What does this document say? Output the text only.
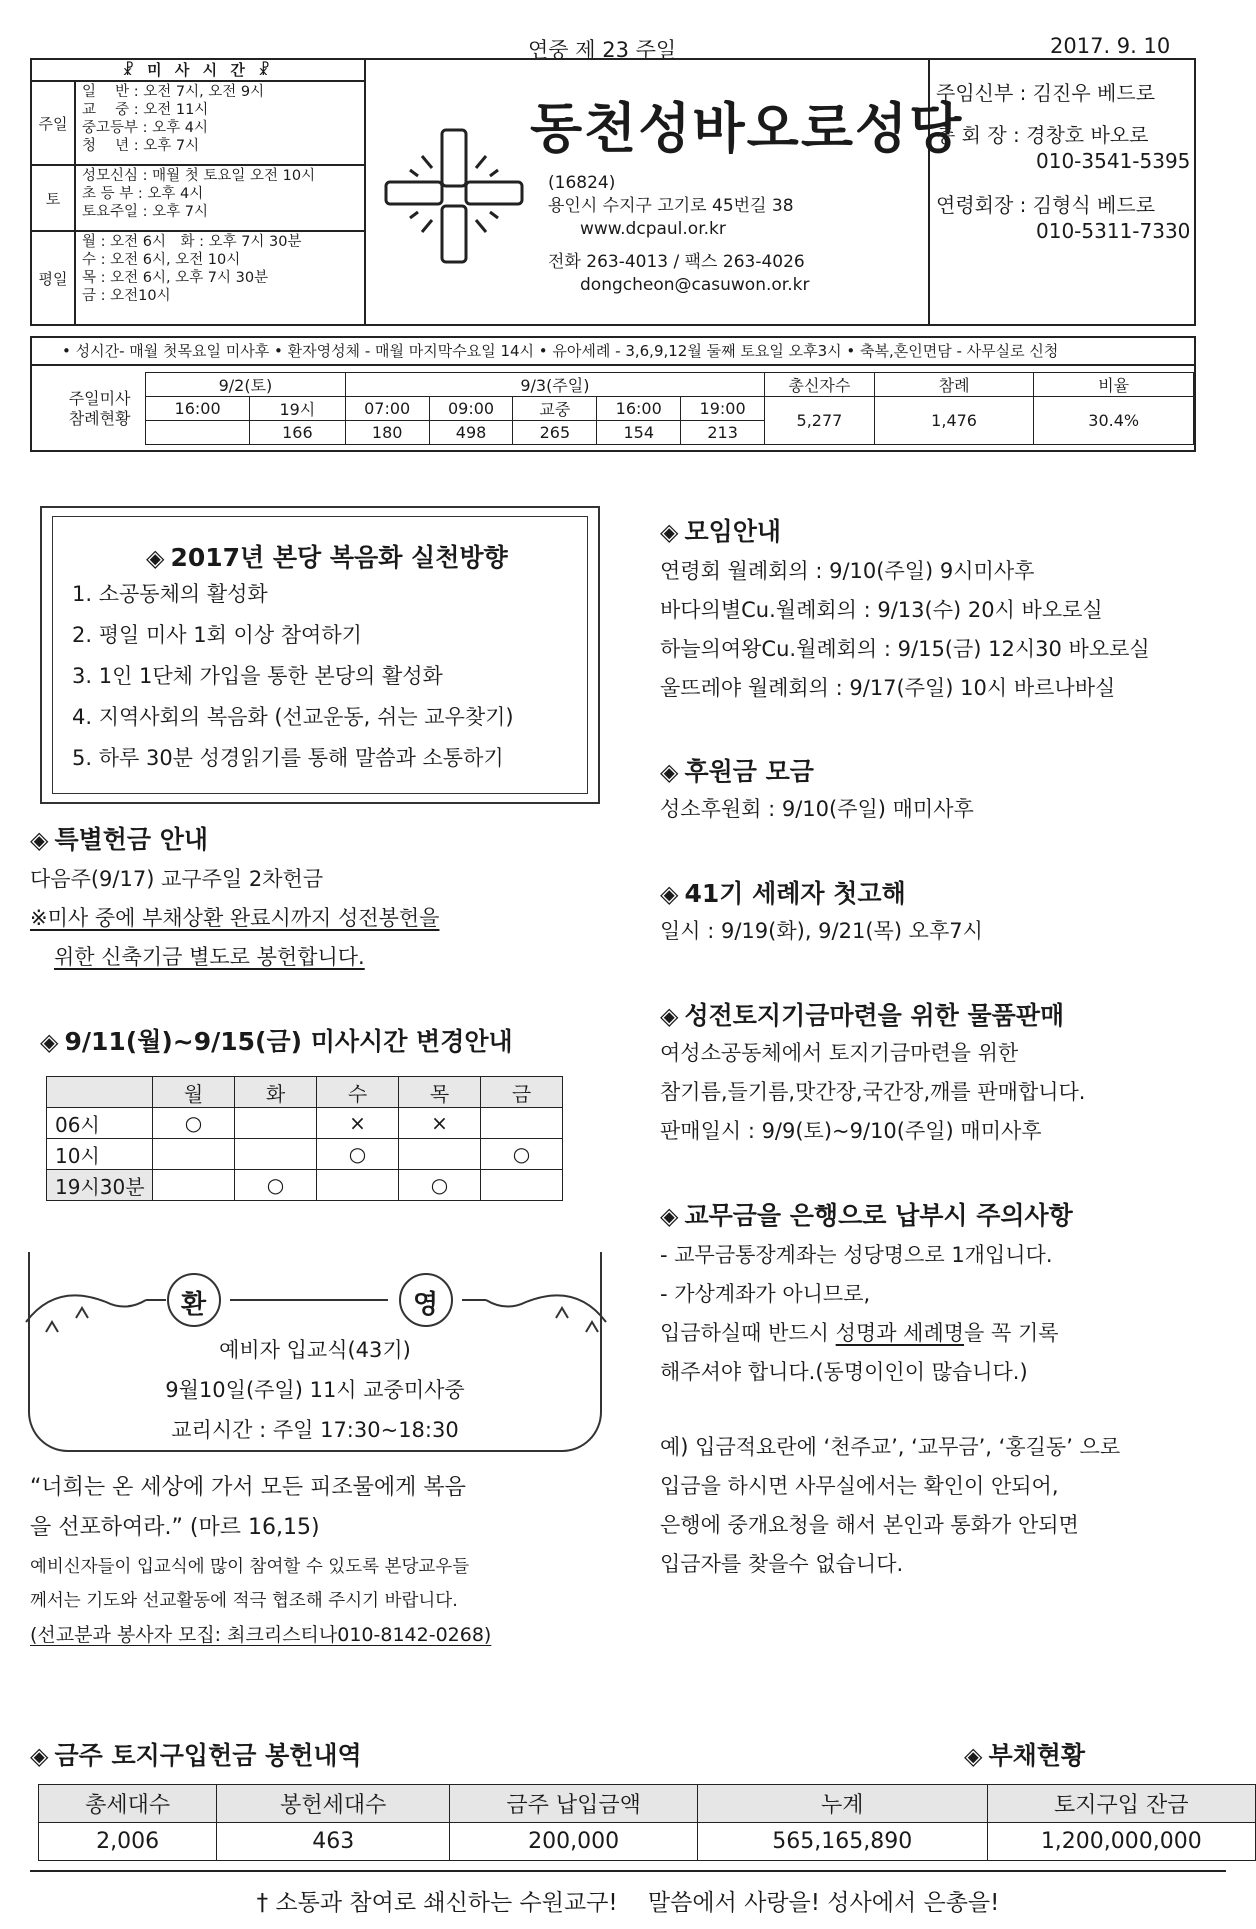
연중 제 23 주일	2017. 9. 10
☧ 미 사 시 간 ☧
주일
일　 반 : 오전 7시, 오전 9시
교　 중 : 오전 11시
중고등부 : 오후 4시
청　 년 : 오후 7시
토
성모신심 : 매월 첫 토요일 오전 10시
초 등 부 : 오후 4시
토요주일 : 오후 7시
평일
월 : 오전 6시　화 : 오후 7시 30분
수 : 오전 6시, 오전 10시
목 : 오전 6시, 오후 7시 30분
금 : 오전10시
동천성바오로성당
(16824)
용인시 수지구 고기로 45번길 38
www.dcpaul.or.kr
전화 263-4013 / 팩스 263-4026
dongcheon@casuwon.or.kr
주임신부 : 김진우 베드로
총 회 장 : 경창호 바오로
010-3541-5395
연령회장 : 김형식 베드로
010-5311-7330
• 성시간- 매월 첫목요일 미사후 • 환자영성체 - 매월 마지막수요일 14시 • 유아세례 - 3,6,9,12월 둘째 토요일 오후3시 • 축복,혼인면담 - 사무실로 신청
주일미사
참례현황	9/2(토)		9/3(주일)					총신자수	참례	비율
	16:00	19시	07:00	09:00	교중	16:00	19:00	5,277	1,476	30.4%
		166	180	498	265	154	213			
◈ 2017년 본당 복음화 실천방향
1. 소공동체의 활성화
2. 평일 미사 1회 이상 참여하기
3. 1인 1단체 가입을 통한 본당의 활성화
4. 지역사회의 복음화 (선교운동, 쉬는 교우찾기)
5. 하루 30분 성경읽기를 통해 말씀과 소통하기
◈ 특별헌금 안내
다음주(9/17) 교구주일 2차헌금
※미사 중에 부채상환 완료시까지 성전봉헌을
위한 신축기금 별도로 봉헌합니다.
◈ 9/11(월)~9/15(금) 미사시간 변경안내
	월	화	수	목	금
06시	○		×	×	
10시			○		○
19시30분		○		○	
환	영
예비자 입교식(43기)
9월10일(주일) 11시 교중미사중
교리시간 : 주일 17:30~18:30
“너희는 온 세상에 가서 모든 피조물에게 복음
을 선포하여라.” (마르 16,15)
예비신자들이 입교식에 많이 참여할 수 있도록 본당교우들
께서는 기도와 선교활동에 적극 협조해 주시기 바랍니다.
(선교분과 봉사자 모집: 최크리스티나010-8142-0268)
◈ 모임안내
연령회 월례회의 : 9/10(주일) 9시미사후
바다의별Cu.월례회의 : 9/13(수) 20시 바오로실
하늘의여왕Cu.월례회의 : 9/15(금) 12시30 바오로실
울뜨레야 월례회의 : 9/17(주일) 10시 바르나바실
◈ 후원금 모금
성소후원회 : 9/10(주일) 매미사후
◈ 41기 세례자 첫고해
일시 : 9/19(화), 9/21(목) 오후7시
◈ 성전토지기금마련을 위한 물품판매
여성소공동체에서 토지기금마련을 위한
참기름,들기름,맛간장,국간장,깨를 판매합니다.
판매일시 : 9/9(토)~9/10(주일) 매미사후
◈ 교무금을 은행으로 납부시 주의사항
- 교무금통장계좌는 성당명으로 1개입니다.
- 가상계좌가 아니므로,
입금하실때 반드시 성명과 세례명을 꼭 기록
해주셔야 합니다.(동명이인이 많습니다.)
예) 입금적요란에 ‘천주교’, ‘교무금’, ‘홍길동’ 으로
입금을 하시면 사무실에서는 확인이 안되어,
은행에 중개요청을 해서 본인과 통화가 안되면
입금자를 찾을수 없습니다.
◈ 금주 토지구입헌금 봉헌내역	◈ 부채현황
총세대수	봉헌세대수	금주 납입금액	누계	토지구입 잔금
2,006	463	200,000	565,165,890	1,200,000,000
† 소통과 참여로 쇄신하는 수원교구!　 말씀에서 사랑을! 성사에서 은총을!
